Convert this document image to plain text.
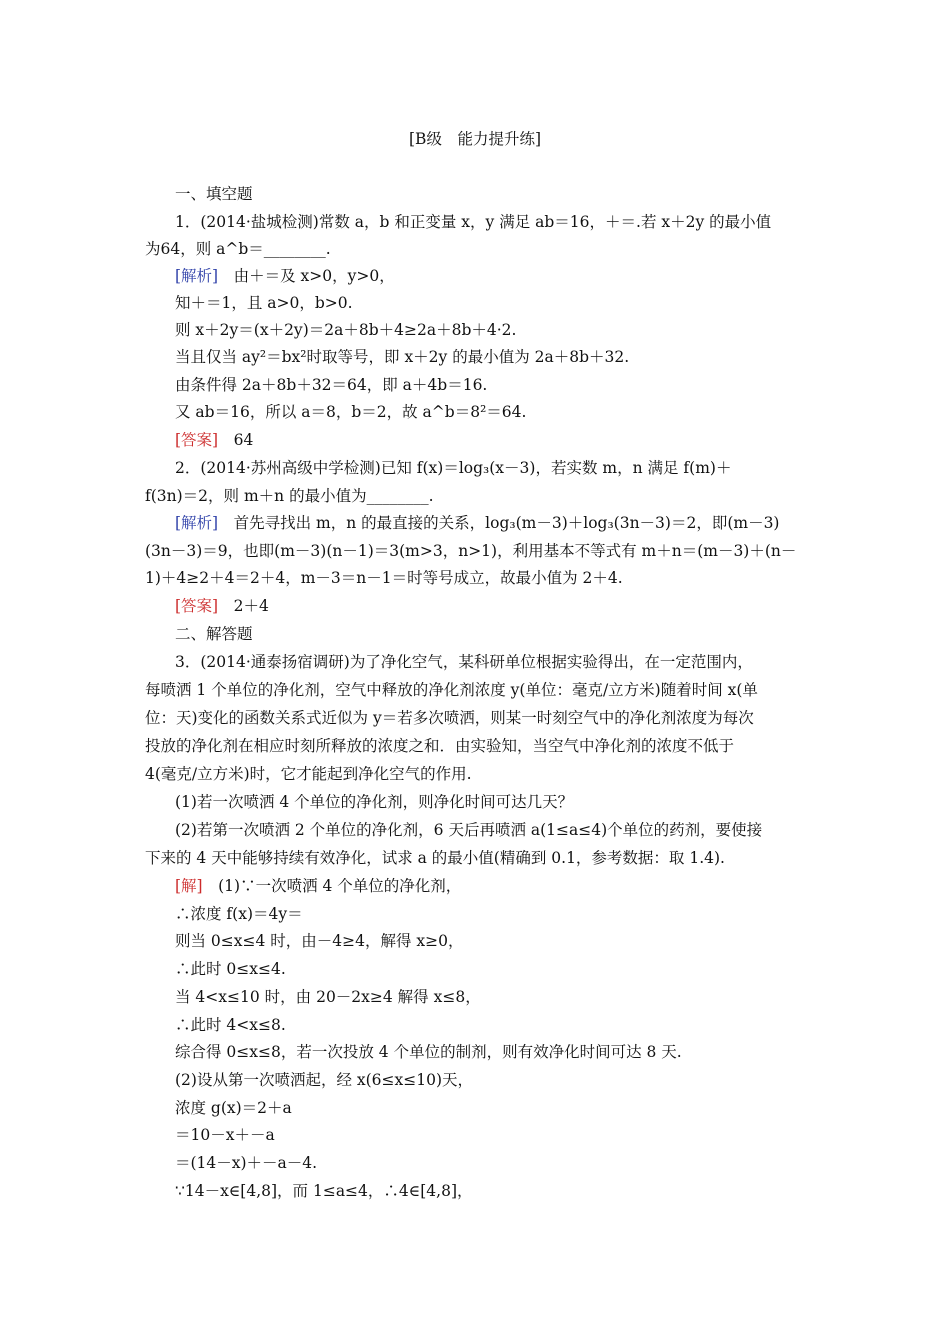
[B级　能力提升练]
一、填空题
1．(2014·盐城检测)常数 a，b 和正变量 x，y 满足 ab＝16，＋＝.若 x＋2y 的最小值
为64，则 a^b＝________.
[解析]　 由＋＝及 x>0，y>0，
知＋＝1，且 a>0，b>0.
则 x＋2y＝(x＋2y)＝2a＋8b＋4≥2a＋8b＋4·2.
当且仅当 ay²＝bx²时取等号，即 x＋2y 的最小值为 2a＋8b＋32.
由条件得 2a＋8b＋32＝64，即 a＋4b＝16.
又 ab＝16，所以 a＝8，b＝2，故 a^b＝8²＝64.
[答案]　 64
2．(2014·苏州高级中学检测)已知 f(x)＝log₃(x－3)，若实数 m，n 满足 f(m)＋
f(3n)＝2，则 m＋n 的最小值为________.
[解析]　 首先寻找出 m，n 的最直接的关系，log₃(m－3)＋log₃(3n－3)＝2，即(m－3)
(3n－3)＝9，也即(m－3)(n－1)＝3(m>3，n>1)，利用基本不等式有 m＋n＝(m－3)＋(n－
1)＋4≥2＋4＝2＋4，m－3＝n－1＝时等号成立，故最小值为 2＋4.
[答案]　 2＋4
二、解答题
3．(2014·通泰扬宿调研)为了净化空气，某科研单位根据实验得出，在一定范围内，
每喷洒 1 个单位的净化剂，空气中释放的净化剂浓度 y(单位：毫克/立方米)随着时间 x(单
位：天)变化的函数关系式近似为 y＝若多次喷洒，则某一时刻空气中的净化剂浓度为每次
投放的净化剂在相应时刻所释放的浓度之和．由实验知，当空气中净化剂的浓度不低于
4(毫克/立方米)时，它才能起到净化空气的作用.
(1)若一次喷洒 4 个单位的净化剂，则净化时间可达几天？
(2)若第一次喷洒 2 个单位的净化剂，6 天后再喷洒 a(1≤a≤4)个单位的药剂，要使接
下来的 4 天中能够持续有效净化，试求 a 的最小值(精确到 0.1，参考数据：取 1.4).
[解]　 (1)∵一次喷洒 4 个单位的净化剂，
∴浓度 f(x)＝4y＝
则当 0≤x≤4 时，由－4≥4，解得 x≥0，
∴此时 0≤x≤4.
当 4<x≤10 时，由 20－2x≥4 解得 x≤8，
∴此时 4<x≤8.
综合得 0≤x≤8，若一次投放 4 个单位的制剂，则有效净化时间可达 8 天.
(2)设从第一次喷洒起，经 x(6≤x≤10)天，
浓度 g(x)＝2＋a
＝10－x＋－a
＝(14－x)＋－a－4.
∵14－x∈[4,8]，而 1≤a≤4，∴4∈[4,8]，
